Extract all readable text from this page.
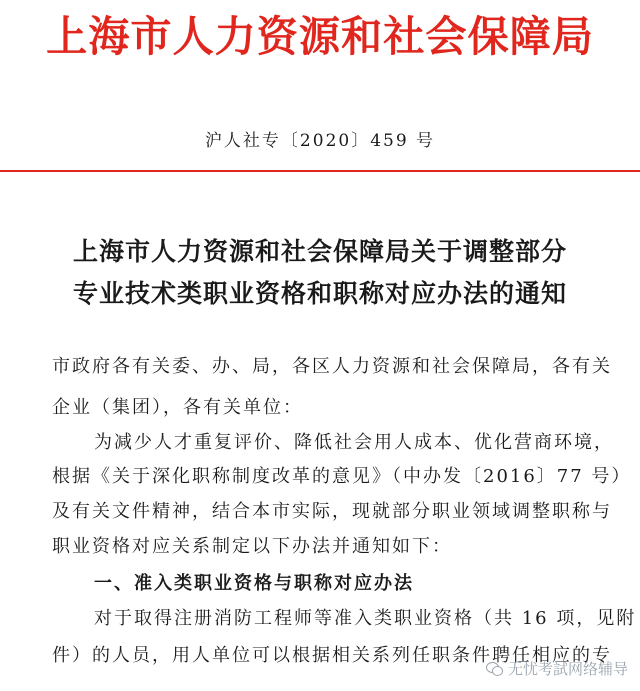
上海市人力资源和社会保障局
沪人社专〔2020〕459 号
上海市人力资源和社会保障局关于调整部分
专业技术类职业资格和职称对应办法的通知
市政府各有关委、办、局，各区人力资源和社会保障局，各有关
企业（集团），各有关单位：
为减少人才重复评价、降低社会用人成本、优化营商环境，
根据《关于深化职称制度改革的意见》（中办发〔2016〕77 号）
及有关文件精神，结合本市实际，现就部分职业领域调整职称与
职业资格对应关系制定以下办法并通知如下：
一、准入类职业资格与职称对应办法
对于取得注册消防工程师等准入类职业资格（共 16 项，见附
件）的人员，用人单位可以根据相关系列任职条件聘任相应的专
无忧考試网络辅导
